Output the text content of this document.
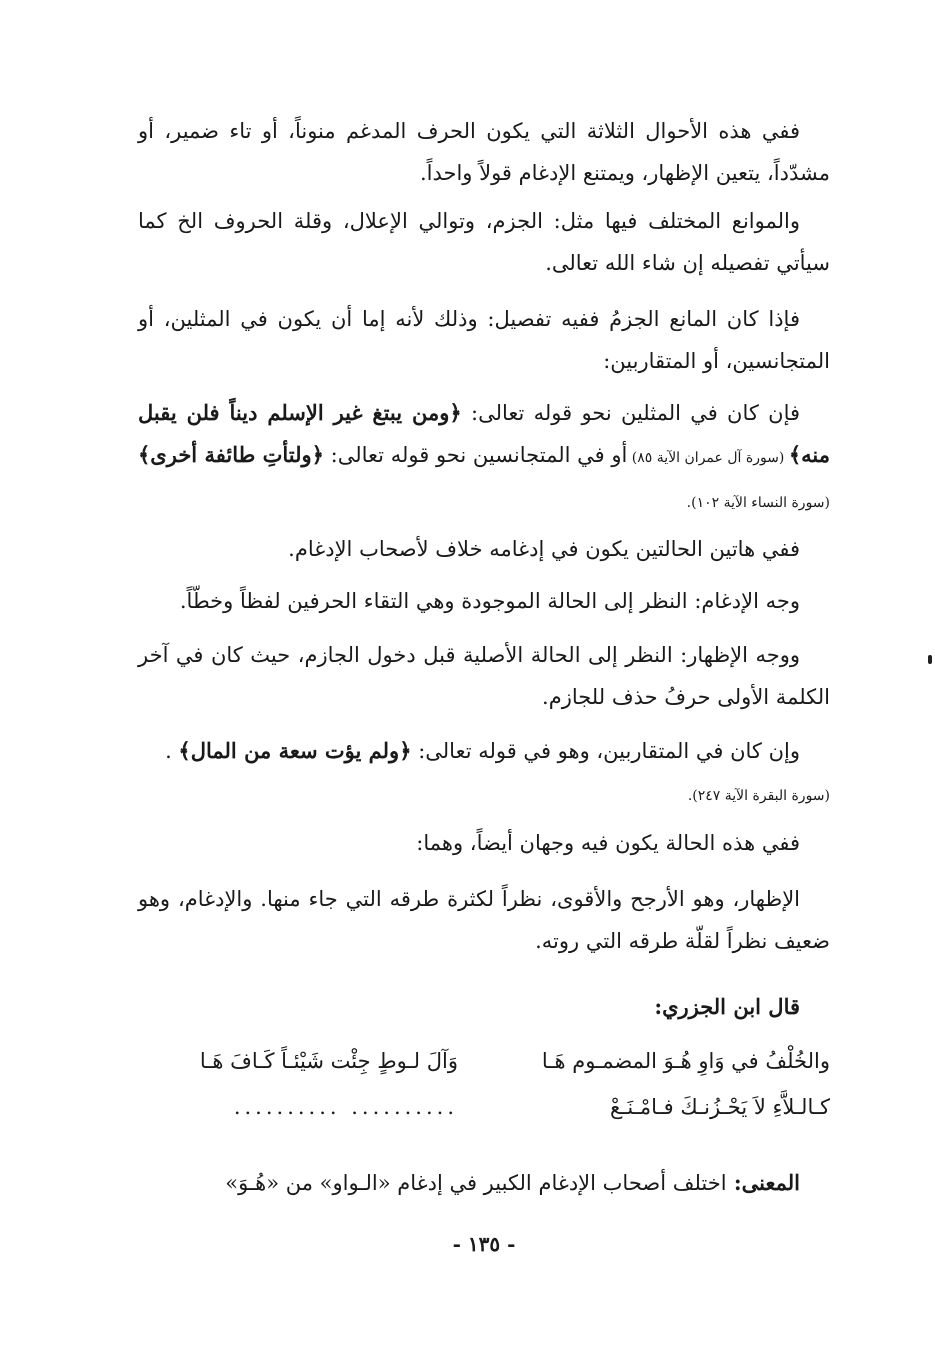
ففي هذه الأحوال الثلاثة التي يكون الحرف المدغم منوناً، أو تاء ضمير، أو مشدّداً، يتعين الإظهار، ويمتنع الإدغام قولاً واحداً.

والموانع المختلف فيها مثل: الجزم، وتوالي الإعلال، وقلة الحروف الخ كما سيأتي تفصيله إن شاء الله تعالى.

فإذا كان المانع الجزمُ ففيه تفصيل: وذلك لأنه إما أن يكون في المثلين، أو المتجانسين، أو المتقاربين:

فإن كان في المثلين نحو قوله تعالى: ﴿ومن يبتغ غير الإسلم ديناً فلن يقبل منه﴾ (سورة آل عمران الآية ٨٥) أو في المتجانسين نحو قوله تعالى: ﴿ولتأتِ طائفة أخرى﴾ (سورة النساء الآية ١٠٢).

ففي هاتين الحالتين يكون في إدغامه خلاف لأصحاب الإدغام.

وجه الإدغام: النظر إلى الحالة الموجودة وهي التقاء الحرفين لفظاً وخطّاً.

ووجه الإظهار: النظر إلى الحالة الأصلية قبل دخول الجازم، حيث كان في آخر الكلمة الأولى حرفُ حذف للجازم.

وإن كان في المتقاربين، وهو في قوله تعالى: ﴿ولم يؤت سعة من المال﴾ .
(سورة البقرة الآية ٢٤٧).

ففي هذه الحالة يكون فيه وجهان أيضاً، وهما:

الإظهار، وهو الأرجح والأقوى، نظراً لكثرة طرقه التي جاء منها. والإدغام، وهو ضعيف نظراً لقلّة طرقه التي روته.

قال ابن الجزري:
والخُلْفُ في وَاوِ هُـوَ المضمـوم هَـا
وَآلَ لـوطٍ جِئْت شَيْئـاً كَـافَ هَـا
كـالـلاَّءِ لاَ يَحْـزُنـكَ فـامْـنَـعْ
.......... ..........

المعنى: اختلف أصحاب الإدغام الكبير في إدغام «الـواو» من «هُـوَ»

- ١٣٥ -
